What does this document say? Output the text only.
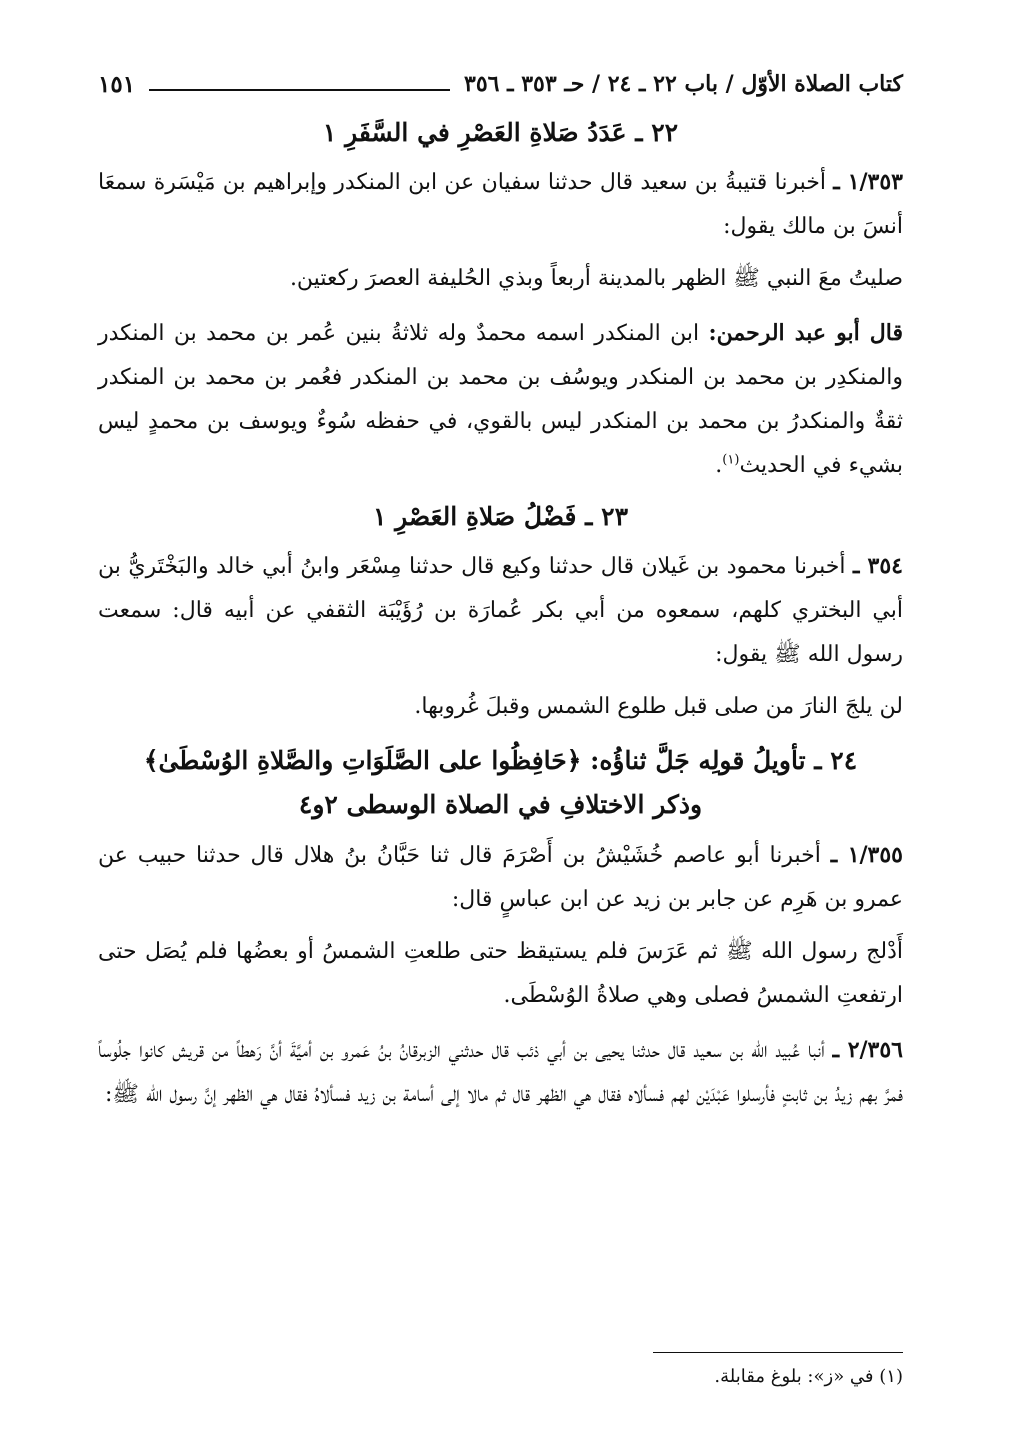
كتاب الصلاة الأوّل / باب ٢٢ ـ ٢٤ / حـ ٣٥٣ ـ ٣٥٦
١٥١
٢٢ ـ عَدَدُ صَلاةِ العَصْرِ في السَّفَرِ ١

١/٣٥٣ ـ أخبرنا قتيبةُ بن سعيد قال حدثنا سفيان عن ابن المنكدر وإبراهيم بن مَيْسَرة سمعَا أنسَ بن مالك يقول:

صليتُ معَ النبي ﷺ الظهر بالمدينة أربعاً وبذي الحُليفة العصرَ ركعتين.

قال أبو عبد الرحمن: ابن المنكدر اسمه محمدٌ وله ثلاثةُ بنين عُمر بن محمد بن المنكدر والمنكدِر بن محمد بن المنكدر ويوسُف بن محمد بن المنكدر فعُمر بن محمد بن المنكدر ثقةٌ والمنكدرُ بن محمد بن المنكدر ليس بالقوي، في حفظه سُوءٌ ويوسف بن محمدٍ ليس بشيء في الحديث$^{(١)}$.

٢٣ ـ فَضْلُ صَلاةِ العَصْرِ ١

٣٥٤ ـ أخبرنا محمود بن غَيلان قال حدثنا وكيع قال حدثنا مِسْعَر وابنُ أبي خالد والبَخْتَريُّ بن أبي البختري كلهم، سمعوه من أبي بكر عُمارَة بن رُؤَيْبَة الثقفي عن أبيه قال: سمعت رسول الله ﷺ يقول:

لن يلجَ النارَ من صلى قبل طلوع الشمس وقبلَ غُروبها.

٢٤ ـ تأويلُ قولِه جَلَّ ثناؤُه: ﴿حَافِظُوا على الصَّلَوَاتِ والصَّلاةِ الوُسْطَىٰ﴾
وذكر الاختلافِ في الصلاة الوسطى ٢و٤

١/٣٥٥ ـ أخبرنا أبو عاصم خُشَيْشُ بن أَصْرَمَ قال ثنا حَبَّانُ بنُ هلال قال حدثنا حبيب عن عمرو بن هَرِم عن جابر بن زيد عن ابن عباسٍ قال:

أَدْلج رسول الله ﷺ ثم عَرَسَ فلم يستيقظ حتى طلعتِ الشمسُ أو بعضُها فلم يُصَل حتى ارتفعتِ الشمسُ فصلى وهي صلاةُ الوُسْطَى.

٢/٣٥٦ ـ أنبا عُبيد الله بن سعيد قال حدثنا يحيى بن أبي ذئب قال حدثني الزبرقانُ بنُ عَمرو بن أميَّةَ أنَّ رَهطاً من قريش كانوا جلُوساً فمرَّ بهم زيدُ بن ثابتٍ فأرسلوا عَبْدَيْن لهم فسألاه فقال هي الظهر قال ثم مالا إلى أسامة بن زيد فسألاهُ فقال هي الظهر إنَّ رسول الله ﷺ:

(١) في «ز»: بلوغ مقابلة.
